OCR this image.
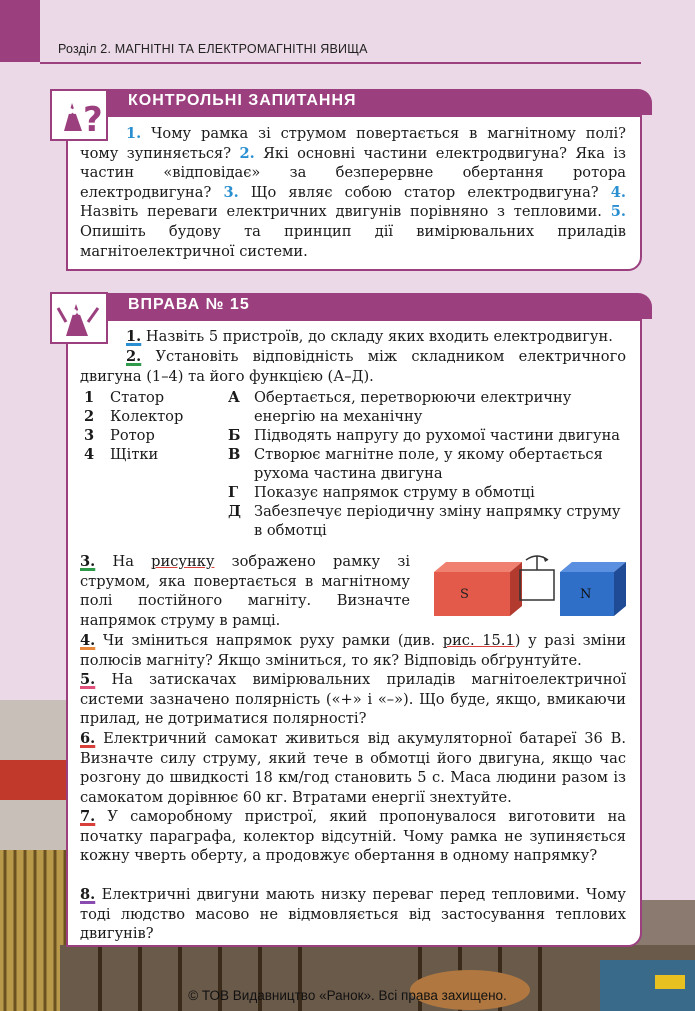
Розділ 2. МАГНІТНІ ТА ЕЛЕКТРОМАГНІТНІ ЯВИЩА
КОНТРОЛЬНІ ЗАПИТАННЯ
?	1. Чому рамка зі струмом повертається в магнітному полі? чому зупиняється? 2. Які основні частини електродвигуна? Яка із частин «відповідає» за безперервне обертання ротора електродвигуна? 3. Що являє собою статор електродвигуна? 4. Назвіть переваги електричних двигунів порівняно з тепловими. 5. Опишіть будову та принцип дії вимірювальних приладів магнітоелектричної системи.
ВПРАВА № 15
1. Назвіть 5 пристроїв, до складу яких входить електродвигун.
2. Установіть відповідність між складником електричного двигуна (1–4) та його функцією (А–Д).
1 Статор	А Обертається, перетворюючи електричну
2 Колектор	енергію на механічну
3 Ротор	Б Підводять напругу до рухомої частини двигуна
4 Щітки	В Створює магнітне поле, у якому обертається
рухома частина двигуна
Г Показує напрямок струму в обмотці
Д Забезпечує періодичну зміну напрямку струму
в обмотці
3. На рисунку зображено рамку зі струмом, яка повертається в магнітному полі постійного магніту. Визначте напрямок струму в рамці.
S	N
4. Чи зміниться напрямок руху рамки (див. рис. 15.1) у разі зміни полюсів магніту? Якщо зміниться, то як? Відповідь обґрунтуйте.
5. На затискачах вимірювальних приладів магнітоелектричної системи зазначено полярність («+» і «–»). Що буде, якщо, вмикаючи прилад, не дотриматися полярності?
6. Електричний самокат живиться від акумуляторної батареї 36 В. Визначте силу струму, який тече в обмотці його двигуна, якщо час розгону до швидкості 18 км/год становить 5 с. Маса людини разом із самокатом дорівнює 60 кг. Втратами енергії знехтуйте.
7. У саморобному пристрої, який пропонувалося виготовити на початку параграфа, колектор відсутній. Чому рамка не зупиняється кожну чверть оберту, а продовжує обертання в одному напрямку?
8. Електричні двигуни мають низку переваг перед тепловими. Чому тоді людство масово не відмовляється від застосування теплових двигунів?
© ТОВ Видавництво «Ранок». Всі права захищено.
